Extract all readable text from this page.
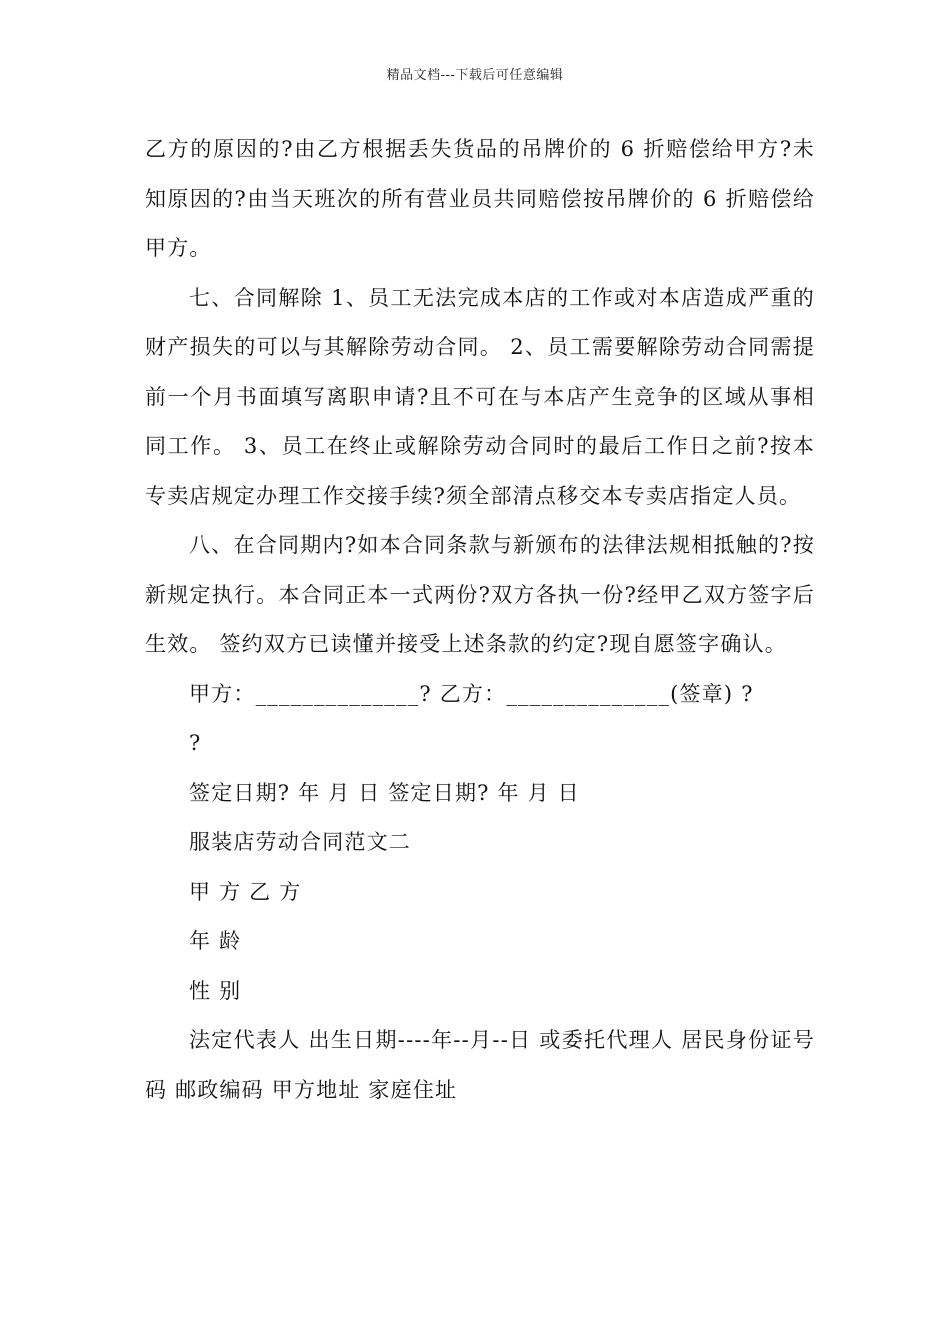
精品文档---下载后可任意编辑

乙方的原因的?由乙方根据丢失货品的吊牌价的 6 折赔偿给甲方?未知原因的?由当天班次的所有营业员共同赔偿按吊牌价的 6 折赔偿给甲方。

七、合同解除 1、员工无法完成本店的工作或对本店造成严重的财产损失的可以与其解除劳动合同。 2、员工需要解除劳动合同需提前一个月书面填写离职申请?且不可在与本店产生竞争的区域从事相同工作。 3、员工在终止或解除劳动合同时的最后工作日之前?按本专卖店规定办理工作交接手续?须全部清点移交本专卖店指定人员。

八、在合同期内?如本合同条款与新颁布的法律法规相抵触的?按新规定执行。本合同正本一式两份?双方各执一份?经甲乙双方签字后生效。 签约双方已读懂并接受上述条款的约定?现自愿签字确认。

甲方：______________? 乙方：______________(签章) ?

?

签定日期? 年 月 日 签定日期? 年 月 日

服装店劳动合同范文二

甲 方 乙 方

年 龄

性 别

法定代表人 出生日期----年--月--日 或委托代理人 居民身份证号码 邮政编码 甲方地址 家庭住址
